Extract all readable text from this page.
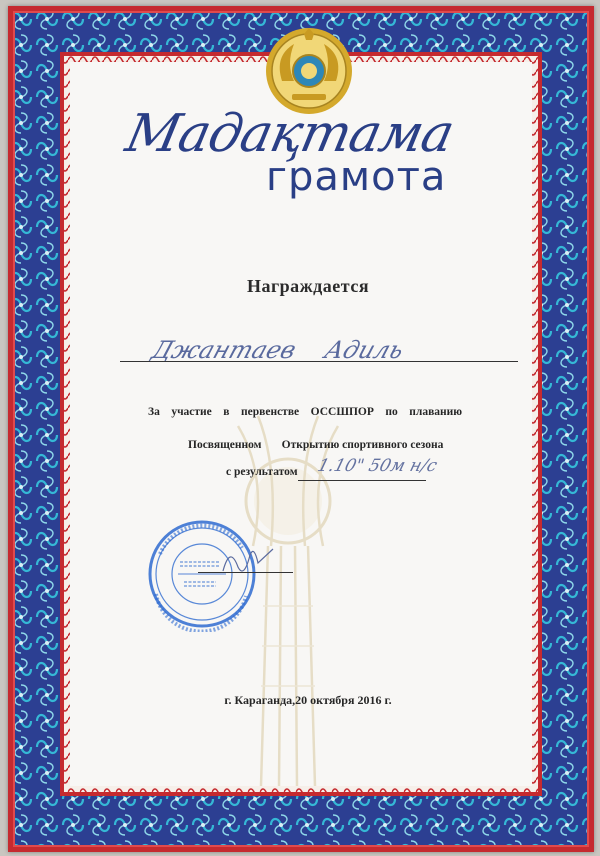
Мадақтама
грамота
Награждается
Джантаев    Адиль
За    участие    в    первенстве    ОССШПОР    по    плаванию
Посвященном       Открытию спортивного сезона
с результатом 1.10" 50м н/с
г. Караганда,20 октября 2016 г.
